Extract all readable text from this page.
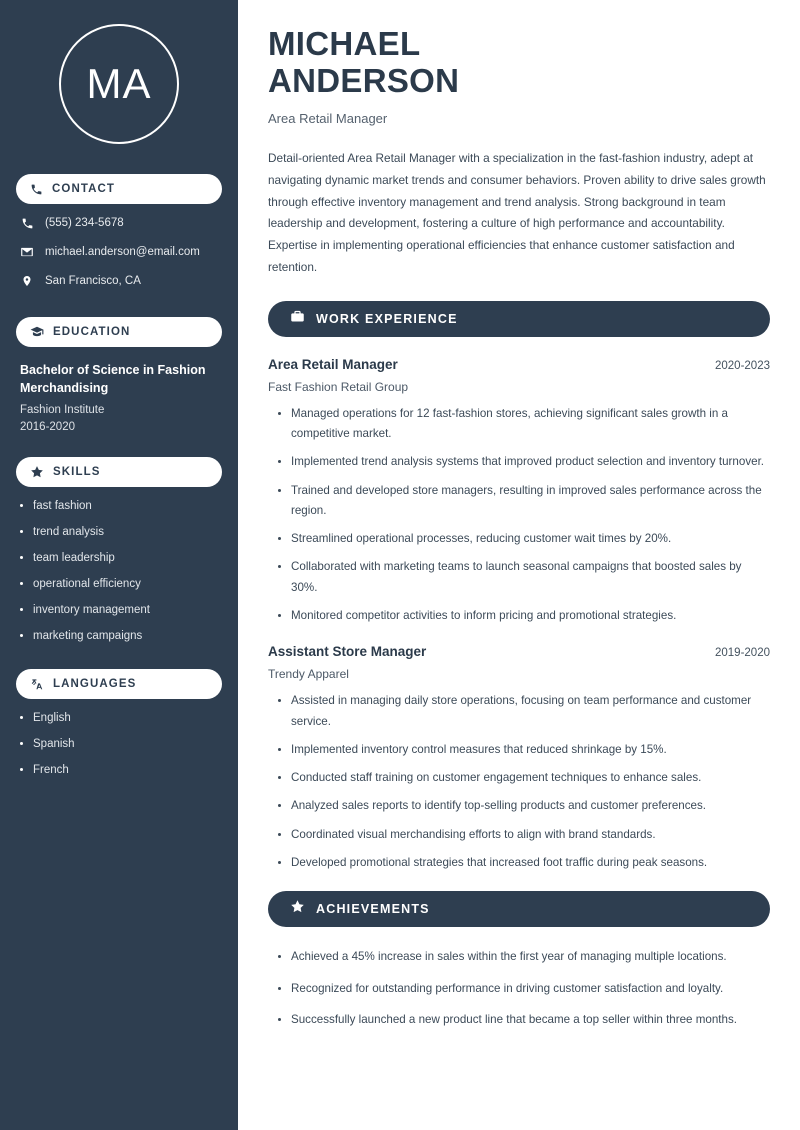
MA
CONTACT
(555) 234-5678
michael.anderson@email.com
San Francisco, CA
EDUCATION
Bachelor of Science in Fashion Merchandising
Fashion Institute
2016-2020
SKILLS
fast fashion
trend analysis
team leadership
operational efficiency
inventory management
marketing campaigns
LANGUAGES
English
Spanish
French
MICHAEL
ANDERSON
Area Retail Manager
Detail-oriented Area Retail Manager with a specialization in the fast-fashion industry, adept at navigating dynamic market trends and consumer behaviors. Proven ability to drive sales growth through effective inventory management and trend analysis. Strong background in team leadership and development, fostering a culture of high performance and accountability. Expertise in implementing operational efficiencies that enhance customer satisfaction and retention.
WORK EXPERIENCE
Area Retail Manager	2020-2023
Fast Fashion Retail Group
Managed operations for 12 fast-fashion stores, achieving significant sales growth in a competitive market.
Implemented trend analysis systems that improved product selection and inventory turnover.
Trained and developed store managers, resulting in improved sales performance across the region.
Streamlined operational processes, reducing customer wait times by 20%.
Collaborated with marketing teams to launch seasonal campaigns that boosted sales by 30%.
Monitored competitor activities to inform pricing and promotional strategies.
Assistant Store Manager	2019-2020
Trendy Apparel
Assisted in managing daily store operations, focusing on team performance and customer service.
Implemented inventory control measures that reduced shrinkage by 15%.
Conducted staff training on customer engagement techniques to enhance sales.
Analyzed sales reports to identify top-selling products and customer preferences.
Coordinated visual merchandising efforts to align with brand standards.
Developed promotional strategies that increased foot traffic during peak seasons.
ACHIEVEMENTS
Achieved a 45% increase in sales within the first year of managing multiple locations.
Recognized for outstanding performance in driving customer satisfaction and loyalty.
Successfully launched a new product line that became a top seller within three months.
